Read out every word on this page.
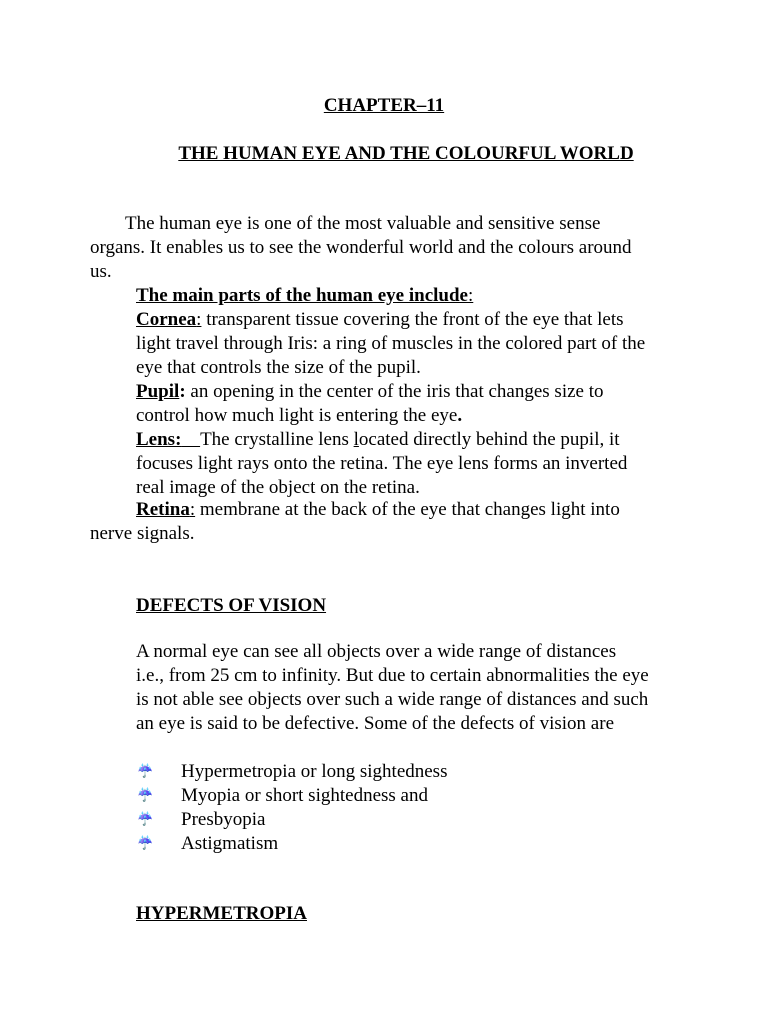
CHAPTER–11
THE HUMAN EYE AND THE COLOURFUL WORLD
The human eye is one of the most valuable and sensitive sense
organs. It enables us to see the wonderful world and the colours around
us.
The main parts of the human eye include:
Cornea: transparent tissue covering the front of the eye that lets
light travel through Iris: a ring of muscles in the colored part of the
eye that controls the size of the pupil.
Pupil: an opening in the center of the iris that changes size to
control how much light is entering the eye.
Lens: The crystalline lens located directly behind the pupil, it
focuses light rays onto the retina. The eye lens forms an inverted
real image of the object on the retina.
Retina: membrane at the back of the eye that changes light into
nerve signals.
DEFECTS OF VISION
A normal eye can see all objects over a wide range of distances
i.e., from 25 cm to infinity. But due to certain abnormalities the eye
is not able see objects over such a wide range of distances and such
an eye is said to be defective. Some of the defects of vision are
☔ Hypermetropia or long sightedness
☔ Myopia or short sightedness and
☔ Presbyopia
☔ Astigmatism
HYPERMETROPIA
